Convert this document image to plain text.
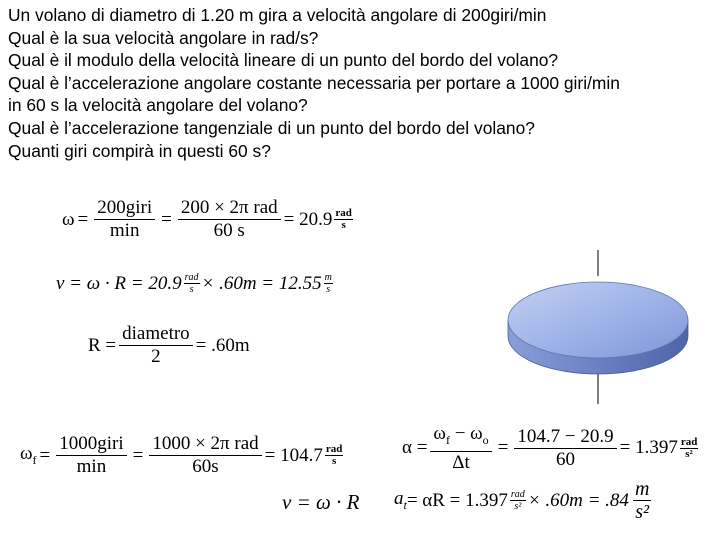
Un volano di diametro di 1.20 m gira a velocità angolare di 200giri/min
Qual è la sua velocità angolare in rad/s?
Qual è il modulo della velocità lineare di un punto del bordo del volano?
Qual è l’accelerazione angolare costante necessaria per portare a 1000 giri/min
in 60 s la velocità angolare del volano?
Qual è l’accelerazione tangenziale di un punto del bordo del volano?
Quanti giri compirà in questi 60 s?
$\omega = \frac{\text{200giri}}{\min} = \frac{\text{200 × 2π rad}}{60 s} = 20.9 \frac{\text{rad}}{s}$
$v = \omega \cdot R = 20.9 \frac{\text{rad}}{s} \times .60m = 12.55 \frac{m}{s}$
$R = \frac{\text{diametro}}{2} = .60m$
$\omega_f = \frac{\text{1000giri}}{\min} = \frac{\text{1000 × 2π rad}}{60s} = 104.7 \frac{\text{rad}}{s}$	$\alpha = \frac{\omega_f - \omega_o}{\Delta t} = \frac{104.7 - 20.9}{60} = 1.397 \frac{\text{rad}}{\text{s²}}$
v = ω · R $a_t = \alpha R = 1.397 \frac{\text{rad}}{\text{s²}} \times .60m = .84 \frac{m}{\text{s²}}$
